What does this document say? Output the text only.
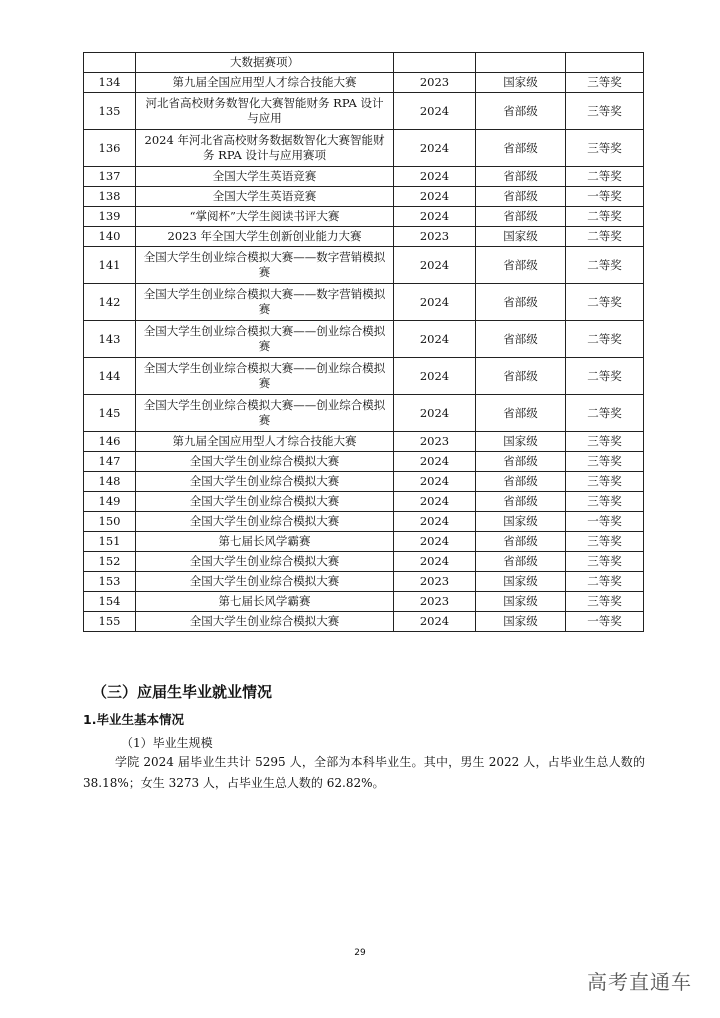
	大数据赛项）			
134	第九届全国应用型人才综合技能大赛	2023	国家级	三等奖
135	河北省高校财务数智化大赛智能财务 RPA 设计与应用	2024	省部级	三等奖
136	2024 年河北省高校财务数据数智化大赛智能财务 RPA 设计与应用赛项	2024	省部级	三等奖
137	全国大学生英语竞赛	2024	省部级	二等奖
138	全国大学生英语竞赛	2024	省部级	一等奖
139	“掌阅杯”大学生阅读书评大赛	2024	省部级	二等奖
140	2023 年全国大学生创新创业能力大赛	2023	国家级	二等奖
141	全国大学生创业综合模拟大赛——数字营销模拟赛	2024	省部级	二等奖
142	全国大学生创业综合模拟大赛——数字营销模拟赛	2024	省部级	二等奖
143	全国大学生创业综合模拟大赛——创业综合模拟赛	2024	省部级	二等奖
144	全国大学生创业综合模拟大赛——创业综合模拟赛	2024	省部级	二等奖
145	全国大学生创业综合模拟大赛——创业综合模拟赛	2024	省部级	二等奖
146	第九届全国应用型人才综合技能大赛	2023	国家级	三等奖
147	全国大学生创业综合模拟大赛	2024	省部级	三等奖
148	全国大学生创业综合模拟大赛	2024	省部级	三等奖
149	全国大学生创业综合模拟大赛	2024	省部级	三等奖
150	全国大学生创业综合模拟大赛	2024	国家级	一等奖
151	第七届长风学霸赛	2024	省部级	三等奖
152	全国大学生创业综合模拟大赛	2024	省部级	三等奖
153	全国大学生创业综合模拟大赛	2023	国家级	二等奖
154	第七届长风学霸赛	2023	国家级	三等奖
155	全国大学生创业综合模拟大赛	2024	国家级	一等奖
（三）应届生毕业就业情况
1.毕业生基本情况

（1）毕业生规模

学院 2024 届毕业生共计 5295 人，全部为本科毕业生。其中，男生 2022 人，占毕业生总人数的 38.18%；女生 3273 人，占毕业生总人数的 62.82%。

29
高考直通车
